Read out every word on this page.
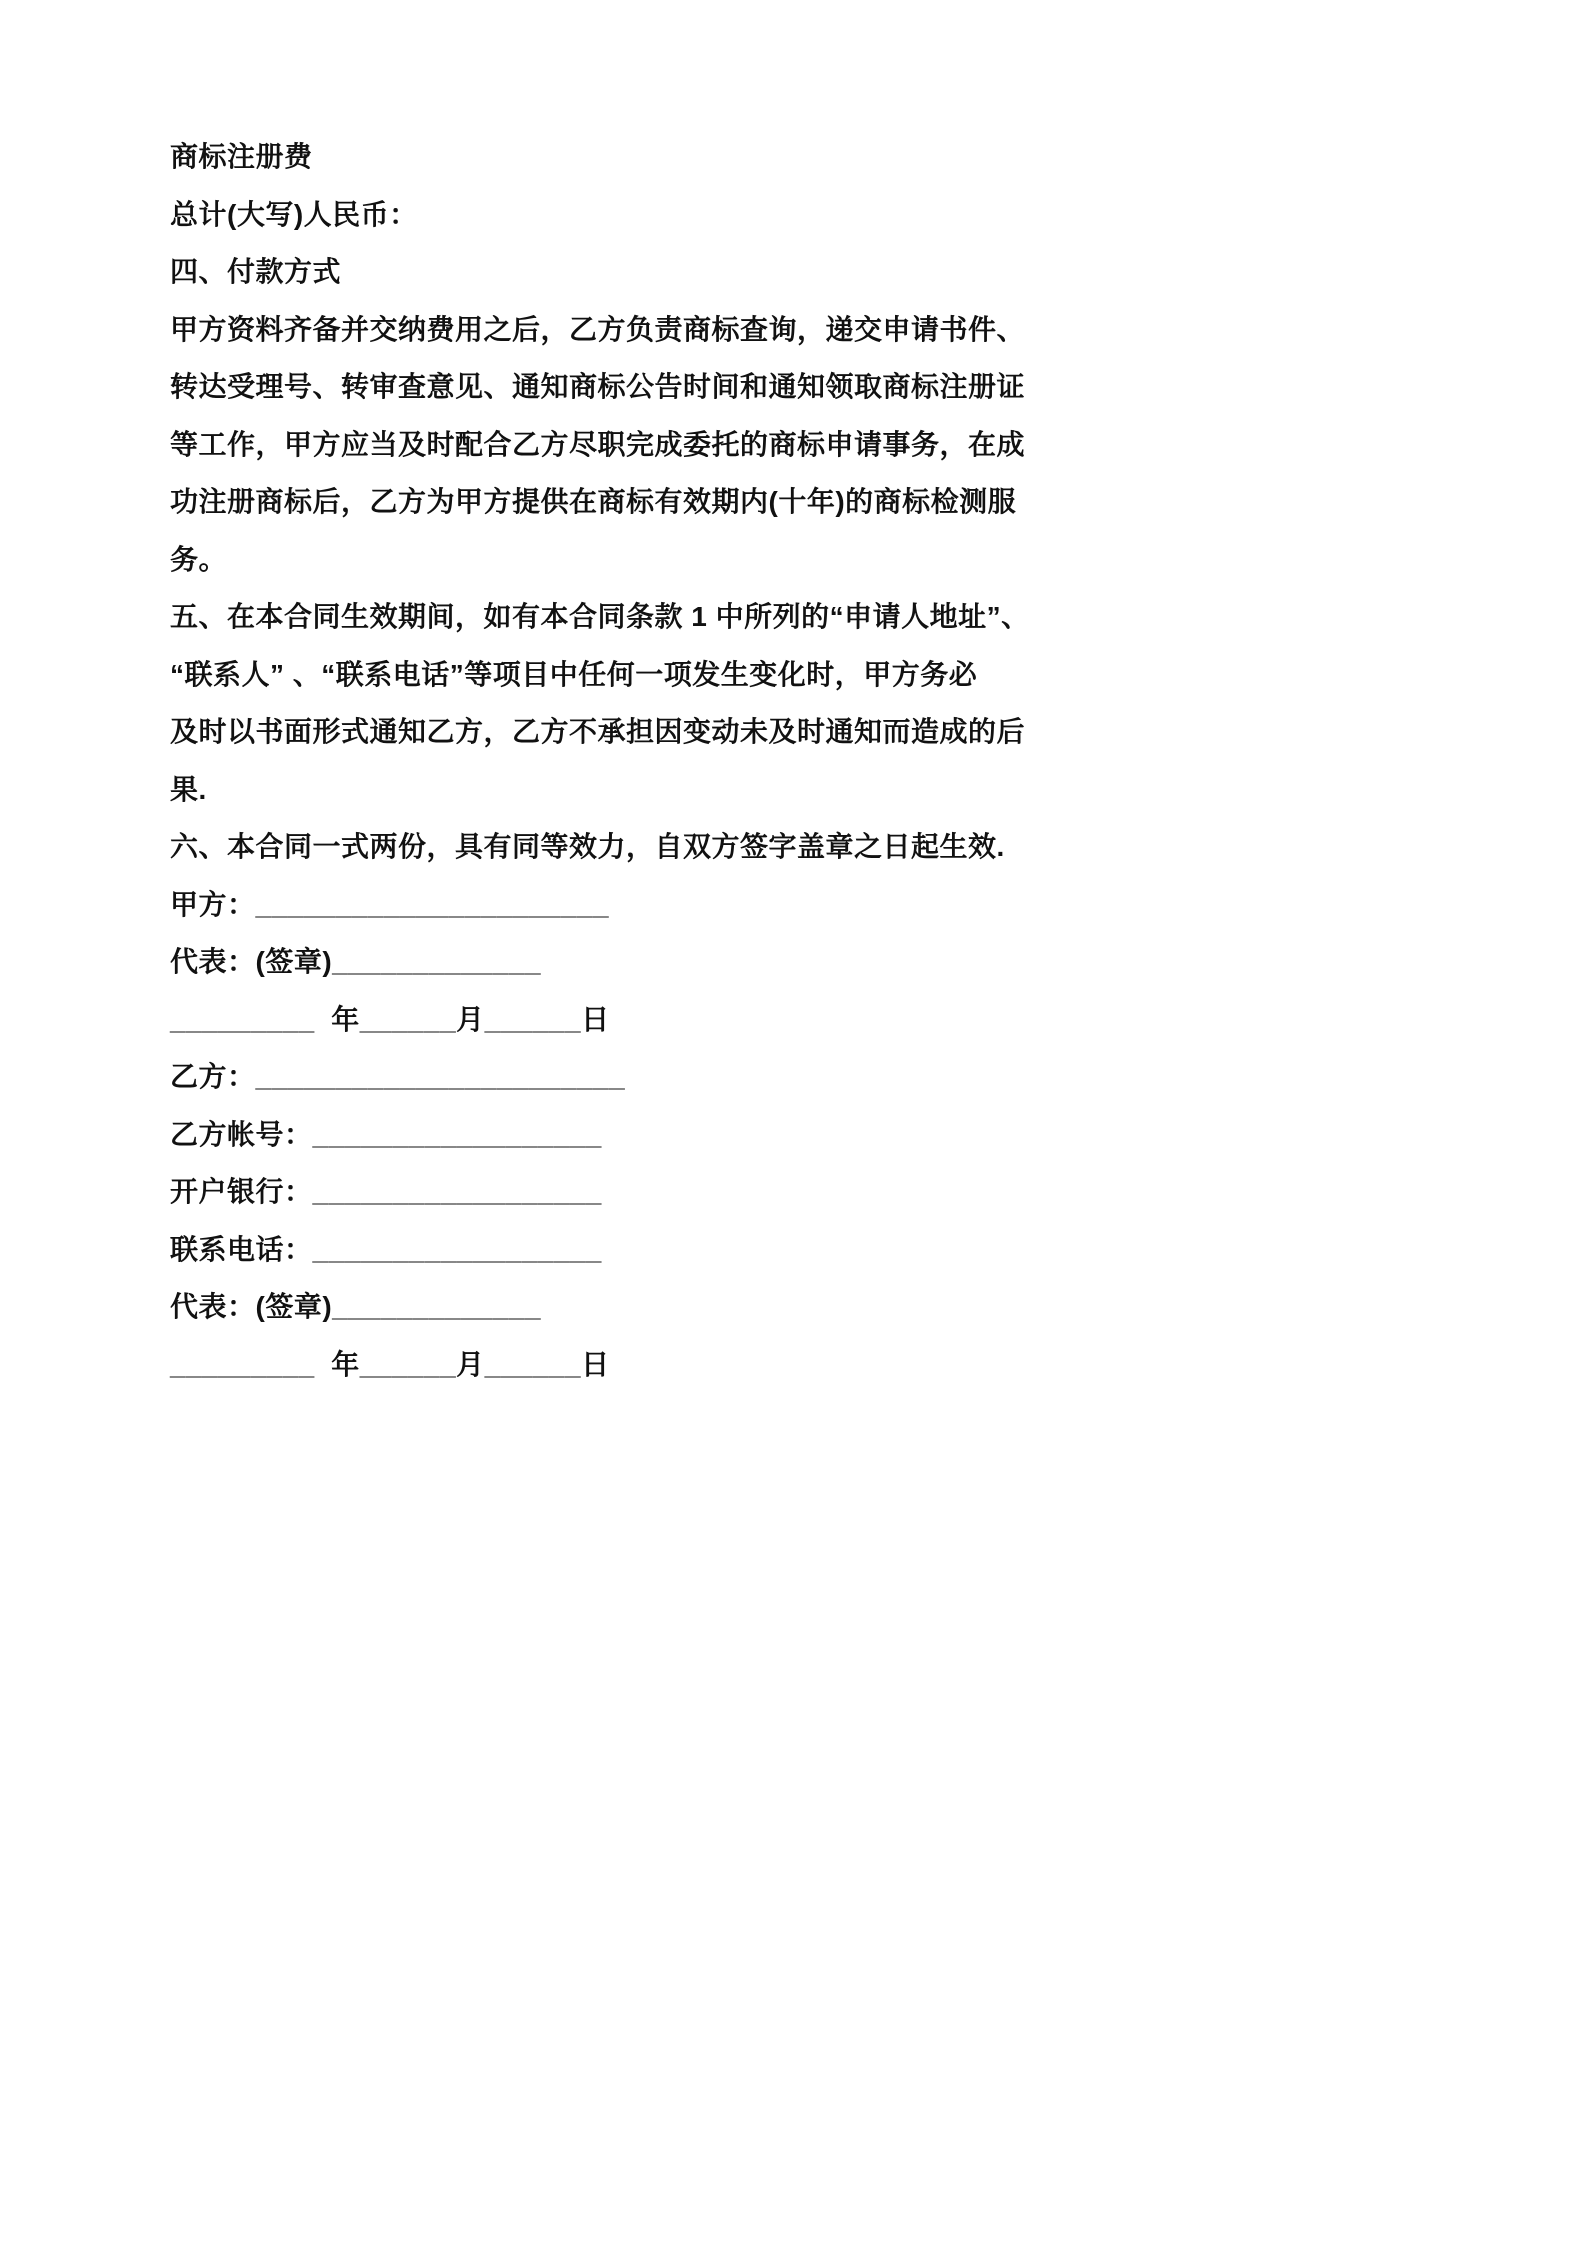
商标注册费

总计(大写)人民币：

四、付款方式

甲方资料齐备并交纳费用之后，乙方负责商标查询，递交申请书件、

转达受理号、转审查意见、通知商标公告时间和通知领取商标注册证

等工作，甲方应当及时配合乙方尽职完成委托的商标申请事务，在成

功注册商标后，乙方为甲方提供在商标有效期内(十年)的商标检测服

务。

五、在本合同生效期间，如有本合同条款 1 中所列的“申请人地址”、

“联系人” 、“联系电话”等项目中任何一项发生变化时，甲方务必

及时以书面形式通知乙方，乙方不承担因变动未及时通知而造成的后

果.

六、本合同一式两份，具有同等效力，自双方签字盖章之日起生效.

甲方：______________________

代表：(签章)_____________

_________  年______月______日

乙方：_______________________

乙方帐号：__________________

开户银行：__________________

联系电话：__________________

代表：(签章)_____________

_________  年______月______日
